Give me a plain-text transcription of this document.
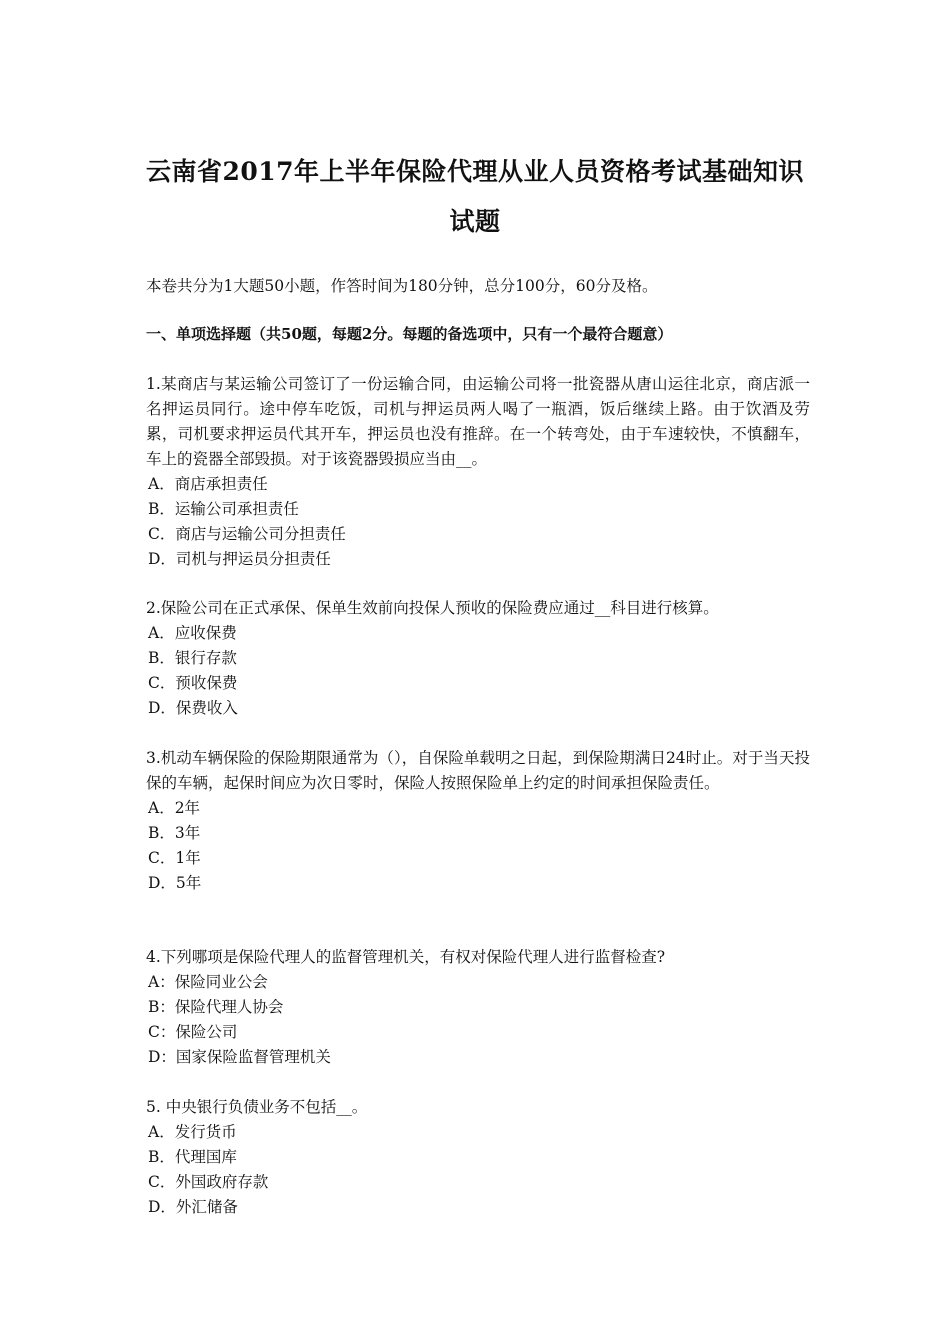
云南省2017年上半年保险代理从业人员资格考试基础知识
试题
本卷共分为1大题50小题，作答时间为180分钟，总分100分，60分及格。
一、单项选择题（共50题，每题2分。每题的备选项中，只有一个最符合题意）
1.某商店与某运输公司签订了一份运输合同，由运输公司将一批瓷器从唐山运往北京，商店派一名押运员同行。途中停车吃饭，司机与押运员两人喝了一瓶酒，饭后继续上路。由于饮酒及劳累，司机要求押运员代其开车，押运员也没有推辞。在一个转弯处，由于车速较快，不慎翻车，车上的瓷器全部毁损。对于该瓷器毁损应当由__。
A．商店承担责任
B．运输公司承担责任
C．商店与运输公司分担责任
D．司机与押运员分担责任
2.保险公司在正式承保、保单生效前向投保人预收的保险费应通过__科目进行核算。
A．应收保费
B．银行存款
C．预收保费
D．保费收入
3.机动车辆保险的保险期限通常为（），自保险单载明之日起，到保险期满日24时止。对于当天投保的车辆，起保时间应为次日零时，保险人按照保险单上约定的时间承担保险责任。
A．2年
B．3年
C．1年
D．5年
4.下列哪项是保险代理人的监督管理机关，有权对保险代理人进行监督检查?
A：保险同业公会
B：保险代理人协会
C：保险公司
D：国家保险监督管理机关
5. 中央银行负债业务不包括__。
A．发行货币
B．代理国库
C．外国政府存款
D．外汇储备
